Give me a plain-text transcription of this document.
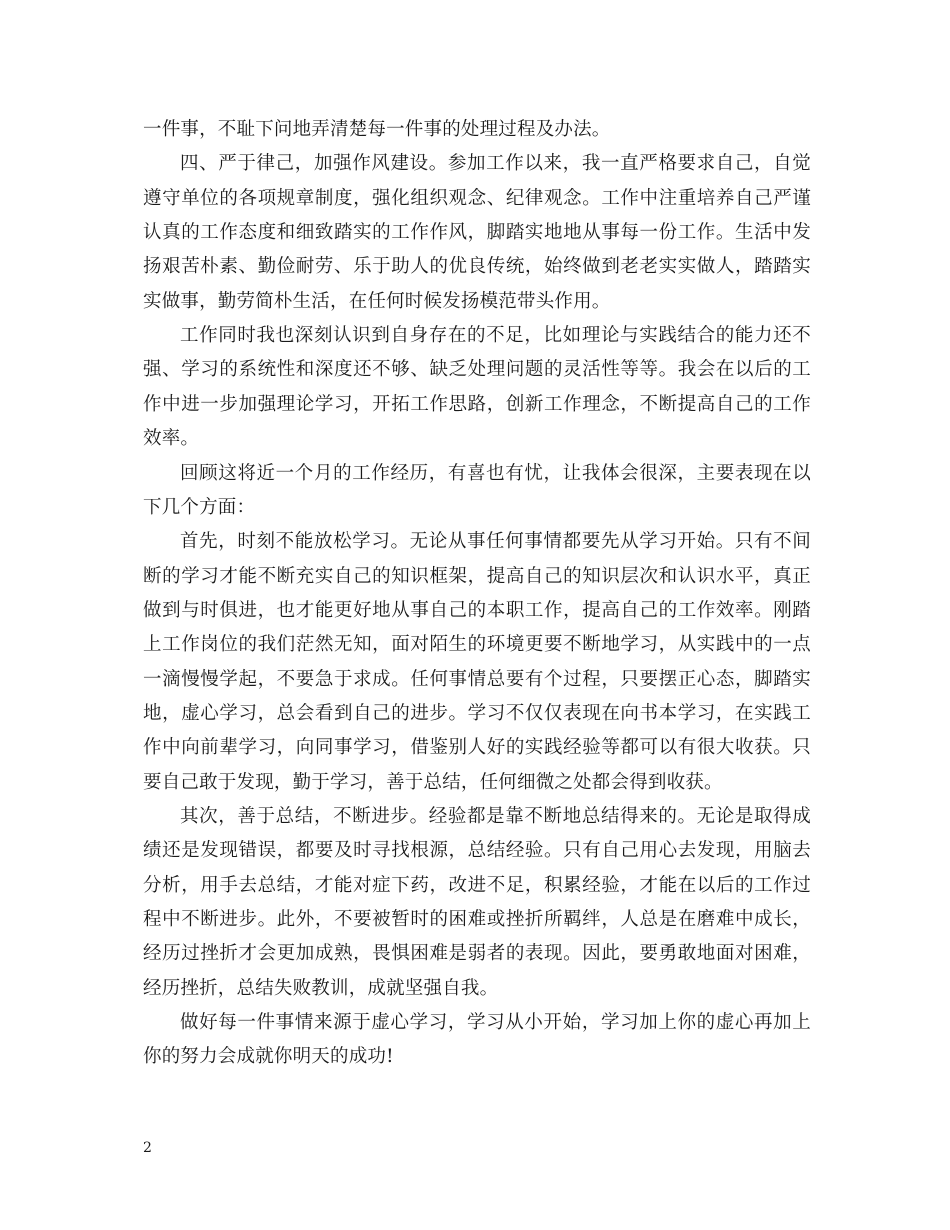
一件事，不耻下问地弄清楚每一件事的处理过程及办法。
四、严于律己，加强作风建设。参加工作以来，我一直严格要求自己，自觉
遵守单位的各项规章制度，强化组织观念、纪律观念。工作中注重培养自己严谨
认真的工作态度和细致踏实的工作作风，脚踏实地地从事每一份工作。生活中发
扬艰苦朴素、勤俭耐劳、乐于助人的优良传统，始终做到老老实实做人，踏踏实
实做事，勤劳简朴生活，在任何时候发扬模范带头作用。
工作同时我也深刻认识到自身存在的不足，比如理论与实践结合的能力还不
强、学习的系统性和深度还不够、缺乏处理问题的灵活性等等。我会在以后的工
作中进一步加强理论学习，开拓工作思路，创新工作理念，不断提高自己的工作
效率。
回顾这将近一个月的工作经历，有喜也有忧，让我体会很深，主要表现在以
下几个方面：
首先，时刻不能放松学习。无论从事任何事情都要先从学习开始。只有不间
断的学习才能不断充实自己的知识框架，提高自己的知识层次和认识水平，真正
做到与时俱进，也才能更好地从事自己的本职工作，提高自己的工作效率。刚踏
上工作岗位的我们茫然无知，面对陌生的环境更要不断地学习，从实践中的一点
一滴慢慢学起，不要急于求成。任何事情总要有个过程，只要摆正心态，脚踏实
地，虚心学习，总会看到自己的进步。学习不仅仅表现在向书本学习，在实践工
作中向前辈学习，向同事学习，借鉴别人好的实践经验等都可以有很大收获。只
要自己敢于发现，勤于学习，善于总结，任何细微之处都会得到收获。
其次，善于总结，不断进步。经验都是靠不断地总结得来的。无论是取得成
绩还是发现错误，都要及时寻找根源，总结经验。只有自己用心去发现，用脑去
分析，用手去总结，才能对症下药，改进不足，积累经验，才能在以后的工作过
程中不断进步。此外，不要被暂时的困难或挫折所羁绊，人总是在磨难中成长，
经历过挫折才会更加成熟，畏惧困难是弱者的表现。因此，要勇敢地面对困难，
经历挫折，总结失败教训，成就坚强自我。
做好每一件事情来源于虚心学习，学习从小开始，学习加上你的虚心再加上
你的努力会成就你明天的成功!
2
